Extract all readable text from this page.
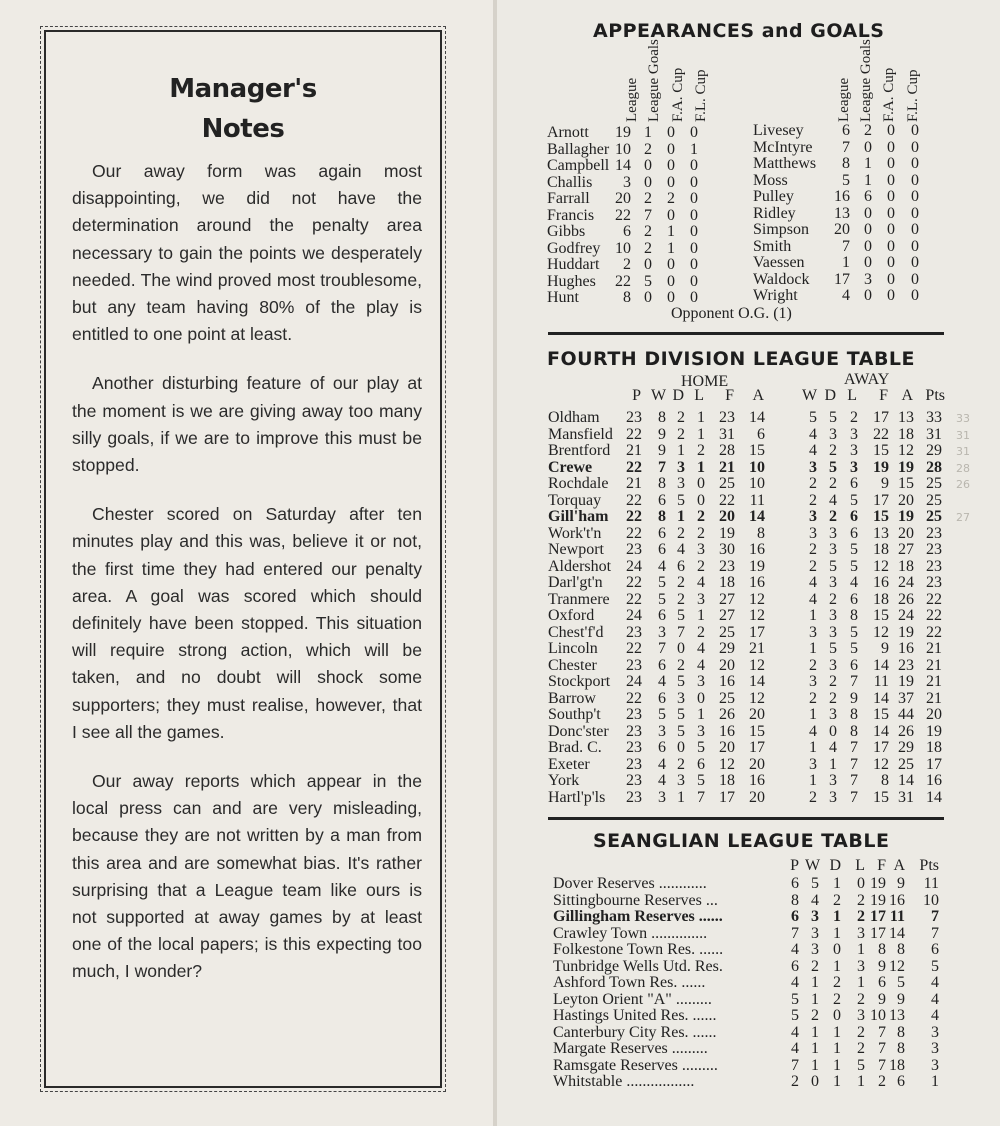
Manager's
Notes

Our away form was again most disappointing, we did not have the determination around the penalty area necessary to gain the points we desperately needed. The wind proved most troublesome, but any team having 80% of the play is entitled to one point at least.

Another disturbing feature of our play at the moment is we are giving away too many silly goals, if we are to improve this must be stopped.

Chester scored on Saturday after ten minutes play and this was, believe it or not, the first time they had entered our penalty area. A goal was scored which should definitely have been stopped. This situation will require strong action, which will be taken, and no doubt will shock some supporters; they must realise, however, that I see all the games.

Our away reports which appear in the local press can and are very misleading, because they are not written by a man from this area and are somewhat bias. It's rather surprising that a League team like ours is not supported at away games by at least one of the local papers; is this expecting too much, I wonder?

APPEARANCES and GOALS
League League Goals F.A. Cup F.L. Cup	League League Goals F.A. Cup F.L. Cup
Arnott 19 1 0 0
Ballagher 10 2 0 1
Campbell 14 0 0 0
Challis	3 0 0 0
Farrall 20 2 2 0
Francis 22 7 0 0
Gibbs	6 2 1 0
Godfrey 10 2 1 0
Huddart	2 0 0 0
Hughes 22 5 0 0
Hunt	8 0 0 0
Livesey	6 2 0	0
McIntyre	7 0 0	0
Matthews	8 1 0	0
Moss	5 1 0	0
Pulley	16 6 0	0
Ridley 13 0 0	0
Simpson 20 0 0	0
Smith	7 0 0	0
Vaessen	1 0 0	0
Waldock 17 3 0	0
Wright	4 0 0	0
Opponent O.G. (1)
FOURTH DIVISION LEAGUE TABLE
HOME	AWAY
P W D L	F	A W D L	F A Pts
Oldham 23	8 2 1 23 14	5 5 2 17 13 33
Mansfield 22	9 2 1 31	6	4 3 3 22 18 31
Brentford 21	9 1 2 28 15	4 2 3 15 12 29
Crewe 22	7 3 1 21 10	3 5 3 19 19 28
Rochdale 21	8 3 0 25 10	2 2 6	9 15 25
Torquay 22	6 5 0 22 11	2 4 5 17 20 25
Gill'ham 22	8 1 2 20 14	3 2 6 15 19 25
Work't'n 22	6 2 2 19	8	3 3 6 13 20 23
Newport 23	6 4 3 30 16	2 3 5 18 27 23
Aldershot 24	4 6 2 23 19	2 5 5 12 18 23
Darl'gt'n 22	5 2 4 18 16	4 3 4 16 24 23
Tranmere 22	5 2 3 27 12	4 2 6 18 26 22
Oxford 24	6 5 1 27 12	1 3 8 15 24 22
Chest'f'd 23	3 7 2 25 17	3 3 5 12 19 22
Lincoln 22	7 0 4 29 21	1 5 5	9 16 21
Chester 23	6 2 4 20 12	2 3 6 14 23 21
Stockport 24	4 5 3 16 14	3 2 7 11 19 21
Barrow 22	6 3 0 25 12	2 2 9 14 37 21
Southp't 23	5 5 1 26 20	1 3 8 15 44 20
Donc'ster 23	3 5 3 16 15	4 0 8 14 26 19
Brad. C. 23	6 0 5 20 17	1 4 7 17 29 18
Exeter 23	4 2 6 12 20	3 1 7 12 25 17
York	23	4 3 5 18 16	1 3 7	8 14 16
Hartl'p'ls 23	3 1 7 17 20	2 3 7 15 31 14
33
31
31
28
26
27
SEANGLIAN LEAGUE TABLE
P W D L F A Pts
Dover Reserves ............	6 5 1	0 19 9	11
Sittingbourne Reserves ...	8 4 2	2 19 16	10
Gillingham Reserves ......	6 3 1	2 17 11	7
Crawley Town ..............	7 3 1	3 17 14	7
Folkestone Town Res. ......	4 3 0	1 8 8	6
Tunbridge Wells Utd. Res.	6 2 1	3 9 12	5
Ashford Town Res. ......	4 1 2	1 6 5	4
Leyton Orient "A" .........	5 1 2	2 9 9	4
Hastings United Res. ......	5 2 0	3 10 13	4
Canterbury City Res. ......	4 1 1	2 7 8	3
Margate Reserves .........	4 1 1	2 7 8	3
Ramsgate Reserves .........	7 1 1	5 7 18	3
Whitstable .................	2 0 1	1 2 6	1
